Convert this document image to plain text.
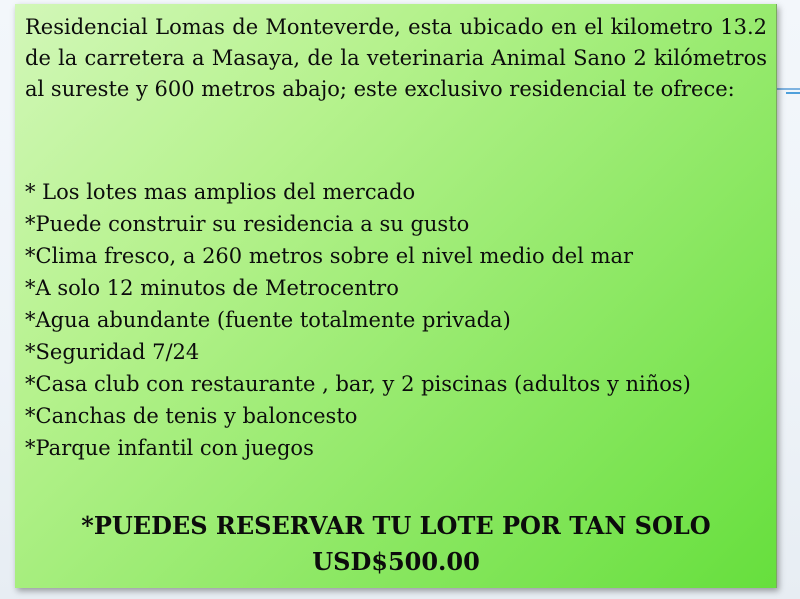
Residencial Lomas de Monteverde, esta ubicado en el kilometro 13.2 de la carretera a Masaya, de la veterinaria Animal Sano 2 kilómetros al sureste y 600 metros abajo; este exclusivo residencial te ofrece:

* Los lotes mas amplios del mercado
*Puede construir su residencia a su gusto
*Clima fresco, a 260 metros sobre el nivel medio del mar
*A solo 12 minutos de Metrocentro
*Agua abundante (fuente totalmente privada)
*Seguridad 7/24
*Casa club con restaurante , bar, y 2 piscinas (adultos y niños)
*Canchas de tenis y baloncesto
*Parque infantil con juegos
*PUEDES RESERVAR TU LOTE POR TAN SOLO
USD$500.00
